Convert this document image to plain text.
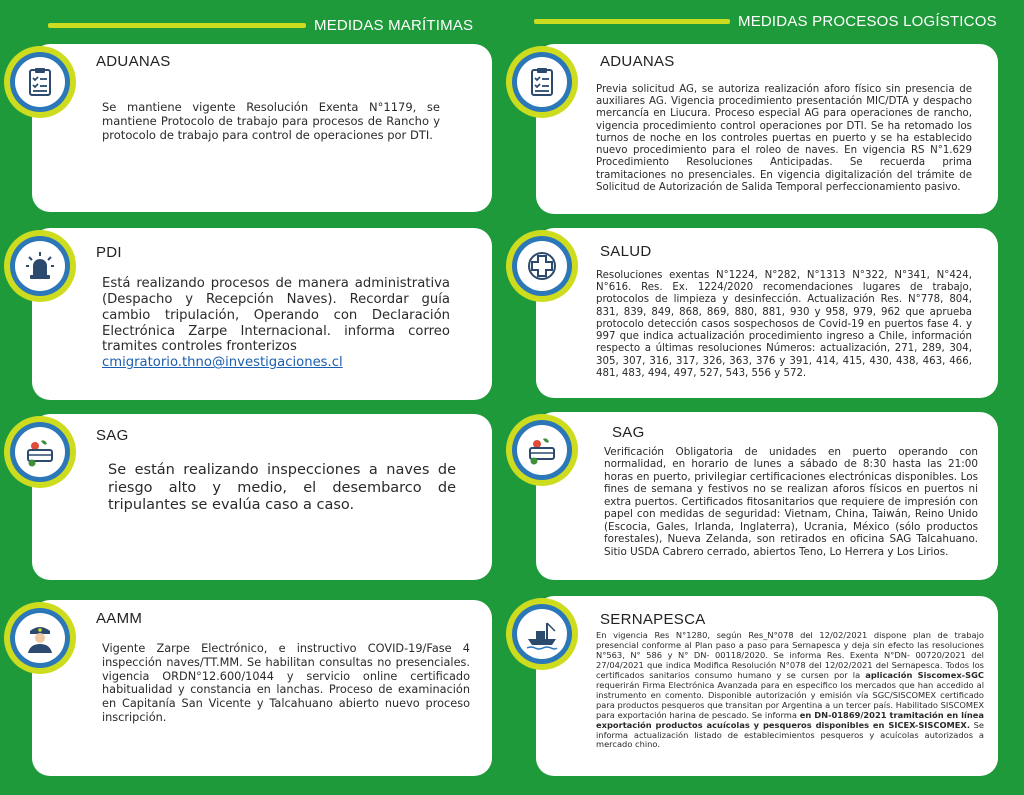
MEDIDAS MARÍTIMAS	MEDIDAS PROCESOS LOGÍSTICOS
ADUANAS
Se mantiene vigente Resolución Exenta N°1179, se mantiene Protocolo de trabajo para procesos de Rancho y protocolo de trabajo para control de operaciones por DTI.
PDI
Está realizando procesos de manera administrativa (Despacho y Recepción Naves). Recordar guía cambio tripulación, Operando con Declaración Electrónica Zarpe Internacional. informa correo tramites controles fronterizos
cmigratorio.thno@investigaciones.cl
SAG
Se están realizando inspecciones a naves de riesgo alto y medio, el desembarco de tripulantes se evalúa caso a caso.
AAMM
Vigente Zarpe Electrónico, e instructivo COVID-19/Fase 4 inspección naves/TT.MM. Se habilitan consultas no presenciales. vigencia ORDN°12.600/1044 y servicio online certificado habitualidad y constancia en lanchas. Proceso de examinación en Capitanía San Vicente y Talcahuano abierto nuevo proceso inscripción.
ADUANAS
Previa solicitud AG, se autoriza realización aforo físico sin presencia de auxiliares AG. Vigencia procedimiento presentación MIC/DTA y despacho mercancía en Liucura. Proceso especial AG para operaciones de rancho, vigencia procedimiento control operaciones por DTI. Se ha retomado los turnos de noche en los controles puertas en puerto y se ha establecido nuevo procedimiento para el roleo de naves. En vigencia RS N°1.629 Procedimiento Resoluciones Anticipadas. Se recuerda prima tramitaciones no presenciales. En vigencia digitalización del trámite de Solicitud de Autorización de Salida Temporal perfeccionamiento pasivo.
SALUD
Resoluciones exentas N°1224, N°282, N°1313 N°322, N°341, N°424, N°616. Res. Ex. 1224/2020 recomendaciones lugares de trabajo, protocolos de limpieza y desinfección. Actualización Res. N°778, 804, 831, 839, 849, 868, 869, 880, 881, 930 y 958, 979, 962 que aprueba protocolo detección casos sospechosos de Covid-19 en puertos fase 4. y 997 que indica actualización procedimiento ingreso a Chile, información respecto a últimas resoluciones Números: actualización, 271, 289, 304, 305, 307, 316, 317, 326, 363, 376 y 391, 414, 415, 430, 438, 463, 466, 481, 483, 494, 497, 527, 543, 556 y 572.
SAG
Verificación Obligatoria de unidades en puerto operando con normalidad, en horario de lunes a sábado de 8:30 hasta las 21:00 horas en puerto, privilegiar certificaciones electrónicas disponibles. Los fines de semana y festivos no se realizan aforos físicos en puertos ni extra puertos. Certificados fitosanitarios que requiere de impresión con papel con medidas de seguridad: Vietnam, China, Taiwán, Reino Unido (Escocia, Gales, Irlanda, Inglaterra), Ucrania, México (sólo productos forestales), Nueva Zelanda, son retirados en oficina SAG Talcahuano. Sitio USDA Cabrero cerrado, abiertos Teno, Lo Herrera y Los Lirios.
SERNAPESCA
En vigencia Res N°1280, según Res_N°078 del 12/02/2021 dispone plan de trabajo presencial conforme al Plan paso a paso para Sernapesca y deja sin efecto las resoluciones N°563, N° 586 y N° DN- 00118/2020. Se informa Res. Exenta N°DN- 00720/2021 del 27/04/2021 que indica Modifica Resolución N°078 del 12/02/2021 del Sernapesca. Todos los certificados sanitarios consumo humano y se cursen por la aplicación Siscomex-SGC requerirán Firma Electrónica Avanzada para en especifico los mercados que han accedido al instrumento en comento. Disponible autorización y emisión vía SGC/SISCOMEX certificado para productos pesqueros que transitan por Argentina a un tercer país. Habilitado SISCOMEX para exportación harina de pescado. Se informa en DN-01869/2021 tramitación en línea exportación productos acuícolas y pesqueros disponibles en SICEX-SISCOMEX. Se informa actualización listado de establecimientos pesqueros y acuícolas autorizados a mercado chino.
